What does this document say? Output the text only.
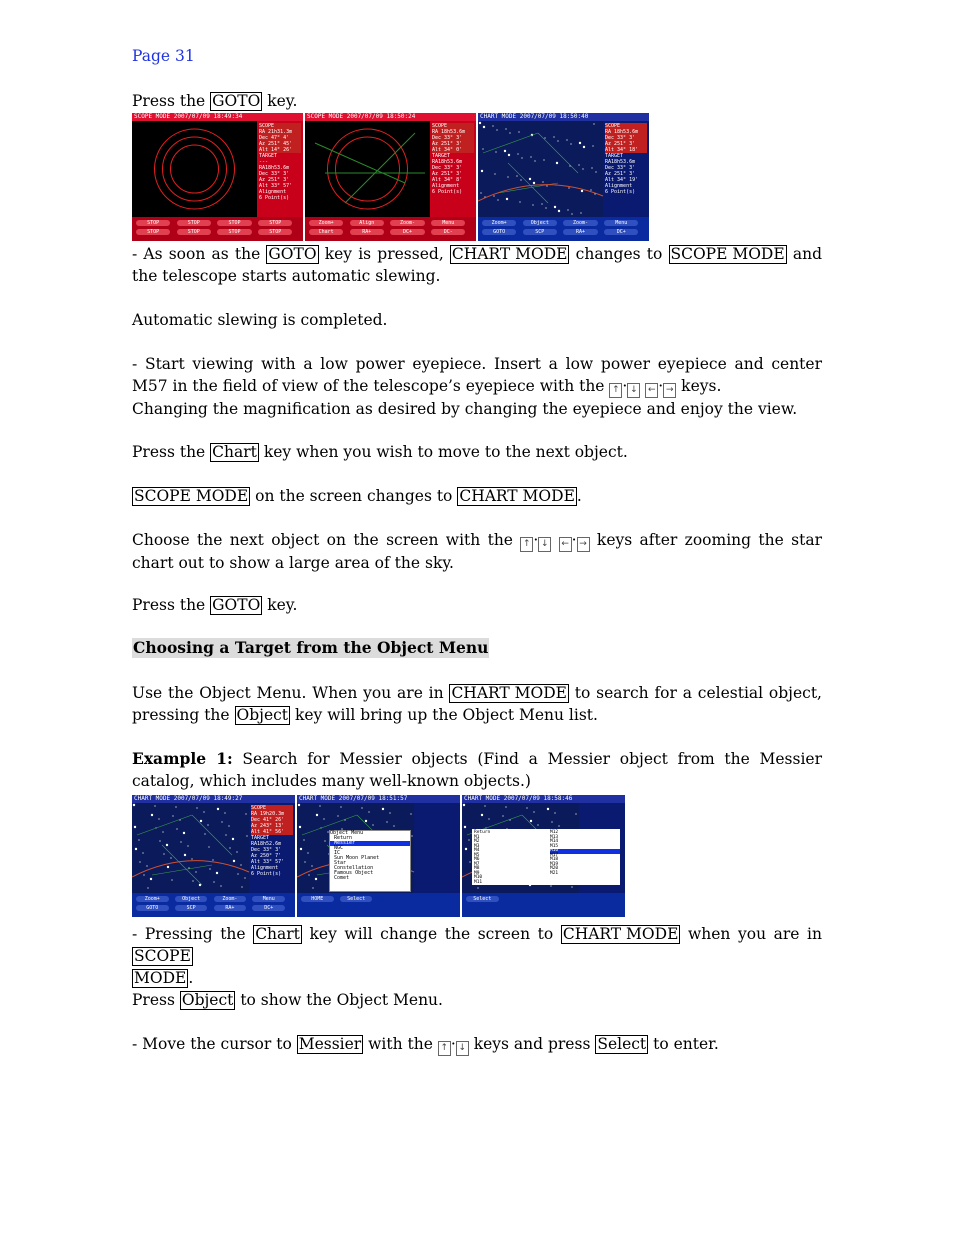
Page 31
Press the GOTO key.
- As soon as the GOTO key is pressed, CHART MODE changes to SCOPE MODE and the telescope starts automatic slewing.
Automatic slewing is completed.
- Start viewing with a low power eyepiece. Insert a low power eyepiece and center M57 in the field of view of the telescope’s eyepiece with the ↑ · ↓ ← · → keys.
Changing the magnification as desired by changing the eyepiece and enjoy the view.
Press the Chart key when you wish to move to the next object.
SCOPE MODE on the screen changes to CHART MODE .
Choose the next object on the screen with the ↑ · ↓ ← · → keys after zooming the star chart out to show a large area of the sky.
Press the GOTO key.
Choosing a Target from the Object Menu
Use the Object Menu. When you are in CHART MODE to search for a celestial object, pressing the Object key will bring up the Object Menu list.
Example 1: Search for Messier objects (Find a Messier object from the Messier catalog, which includes many well-known objects.)
- Pressing the Chart key will change the screen to CHART MODE when you are in SCOPE
MODE .
Press Object to show the Object Menu.
- Move the cursor to Messier with the ↑ · ↓ keys and press Select to enter.
SCOPE MODE 2007/07/09 18:49:34
SCOPE
RA 21h31.3m
Dec 47° 4'
Az 251° 45'
Alt 14° 26'
TARGET
---
RA18h53.6m
Dec 33° 3'
Az 251° 3'
Alt 33° 57'
Alignment
6 Point(s)
STOP	STOP	STOP	STOP
STOP	STOP	STOP	STOP
SCOPE MODE 2007/07/09 18:50:24
SCOPE
RA 18h53.6m
Dec 33° 3'
Az 251° 3'
Alt 34° 0'
TARGET
RA18h53.6m
Dec 33° 3'
Az 251° 3'
Alt 34° 8'
Alignment
6 Point(s)
Zoom+	Align	Zoom-	Menu
Chart	RA+	DC+	DC-
CHART MODE 2007/07/09 18:50:40
SCOPE
RA 18h53.6m
Dec 33° 3'
Az 251° 3'
Alt 34° 18'
TARGET
RA18h53.6m
Dec 33° 3'
Az 251° 3'
Alt 34° 19'
Alignment
6 Point(s)
Zoom+	Object	Zoom-	Menu
GOTO	SCP	RA+	DC+
CHART MODE 2007/07/09 18:49:27
SCOPE
RA 19h20.3m
Dec 41° 26'
Az 243° 13'
Alt 41° 56'
TARGET
RA18h52.6m
Dec 33° 3'
Az 250° 7'
Alt 33° 57'
Alignment
6 Point(s)
Zoom+	Object	Zoom-	Menu
GOTO	SCP	RA+	DC+
CHART MODE 2007/07/09 18:51:57
Object Menu
Return
Messier
NGC
IC
Sun Moon Planet
Star
Constellation
Famous Object
Comet
HOME	Select
CHART MODE 2007/07/09 18:58:46
Return
M1
M2
M3
M4
M5
M6
M7
M8
M9
M10
M11
M12
M13
M14
M15
M16
M17
M18
M19
M20
M21
Select
